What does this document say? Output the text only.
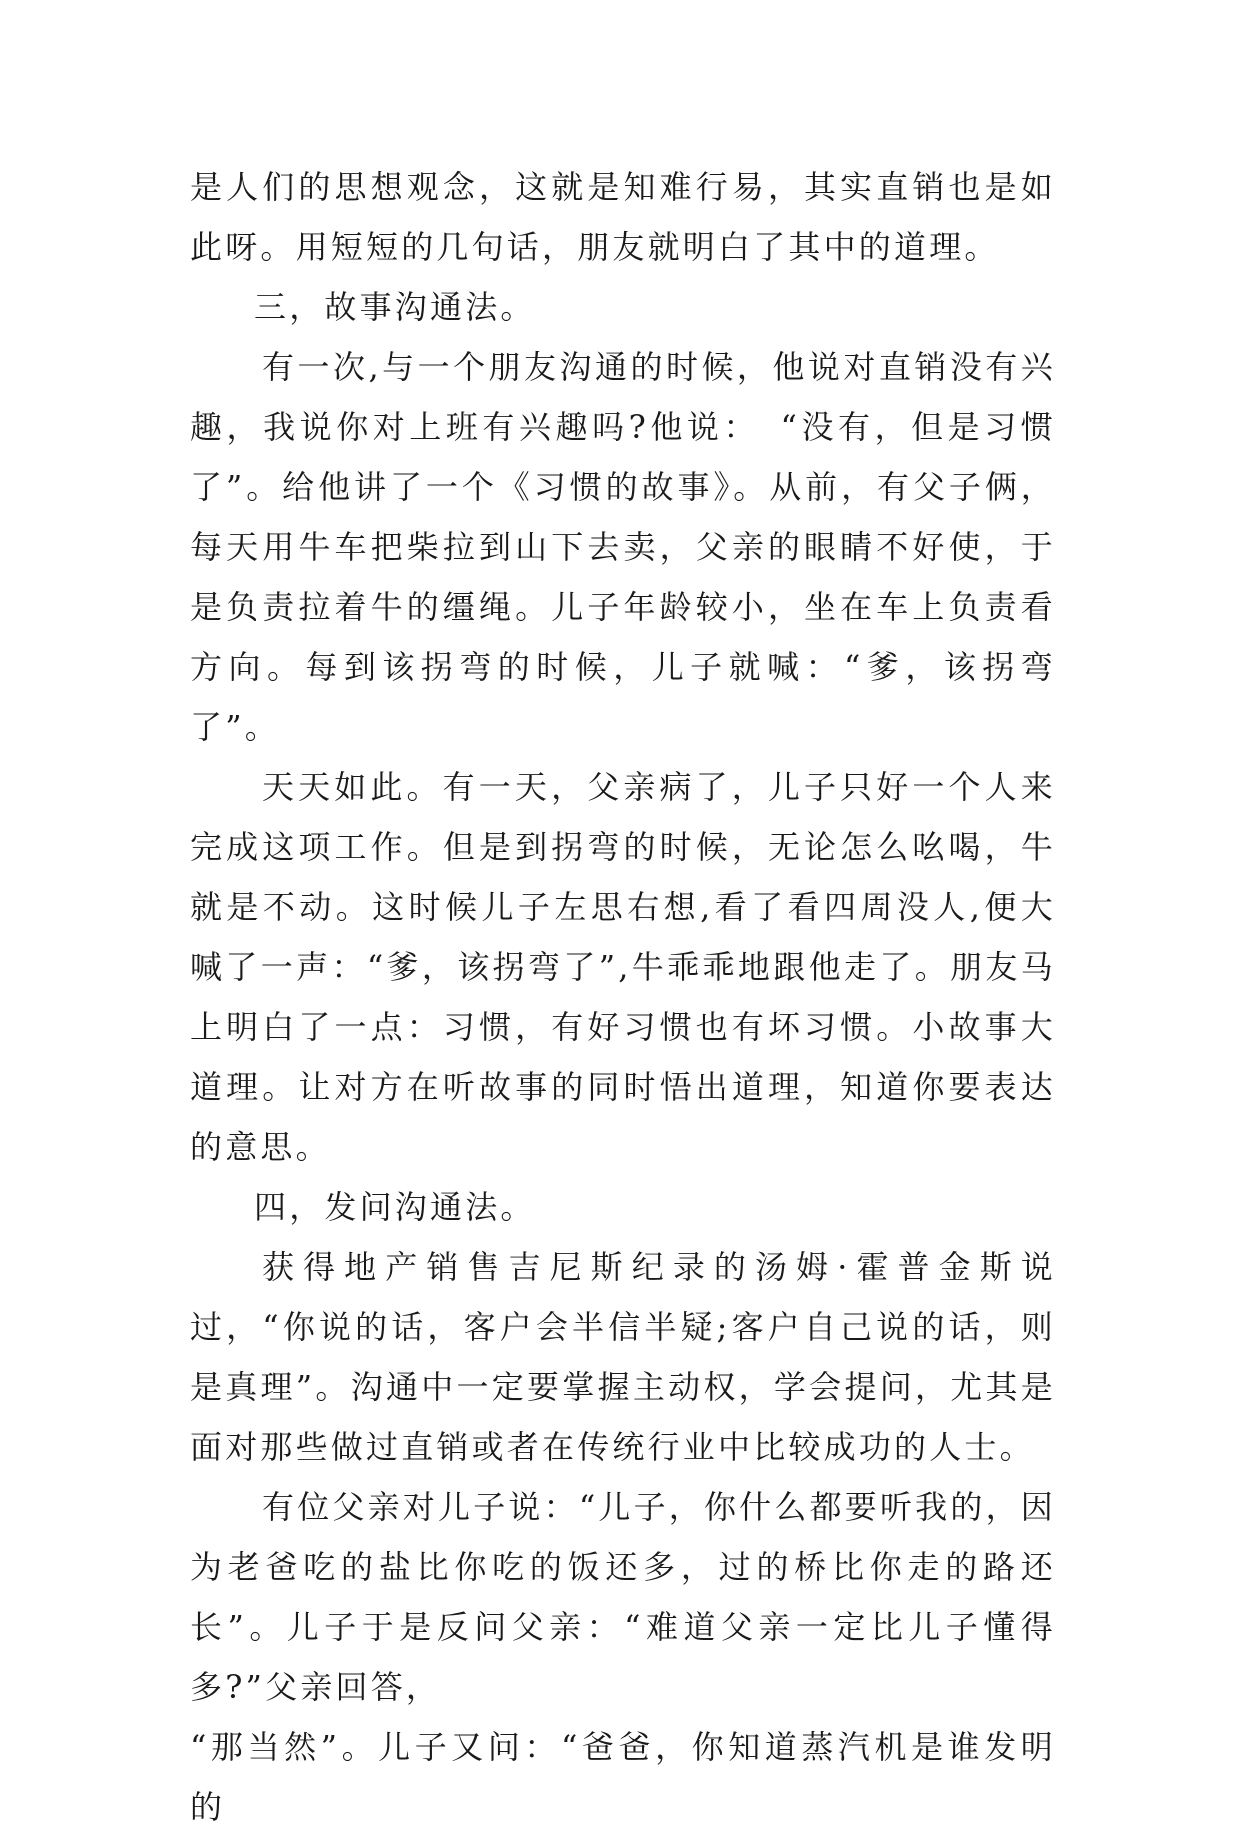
是人们的思想观念，这就是知难行易，其实直销也是如此呀。用短短的几句话，朋友就明白了其中的道理。

三，故事沟通法。

有一次,与一个朋友沟通的时候，他说对直销没有兴趣，我说你对上班有兴趣吗?他说：　“没有，但是习惯了”。给他讲了一个《习惯的故事》。从前，有父子俩，每天用牛车把柴拉到山下去卖，父亲的眼睛不好使，于是负责拉着牛的缰绳。儿子年龄较小，坐在车上负责看方向。每到该拐弯的时候，儿子就喊：“爹，该拐弯了”。

天天如此。有一天，父亲病了，儿子只好一个人来完成这项工作。但是到拐弯的时候，无论怎么吆喝，牛就是不动。这时候儿子左思右想,看了看四周没人,便大喊了一声：“爹，该拐弯了”,牛乖乖地跟他走了。朋友马上明白了一点：习惯，有好习惯也有坏习惯。小故事大道理。让对方在听故事的同时悟出道理，知道你要表达的意思。

四，发问沟通法。

获得地产销售吉尼斯纪录的汤姆·霍普金斯说过，“你说的话，客户会半信半疑;客户自己说的话，则是真理”。沟通中一定要掌握主动权，学会提问，尤其是面对那些做过直销或者在传统行业中比较成功的人士。

有位父亲对儿子说：“儿子，你什么都要听我的，因为老爸吃的盐比你吃的饭还多，过的桥比你走的路还长”。儿子于是反问父亲：“难道父亲一定比儿子懂得多?”父亲回答，

“那当然”。儿子又问：“爸爸，你知道蒸汽机是谁发明的
